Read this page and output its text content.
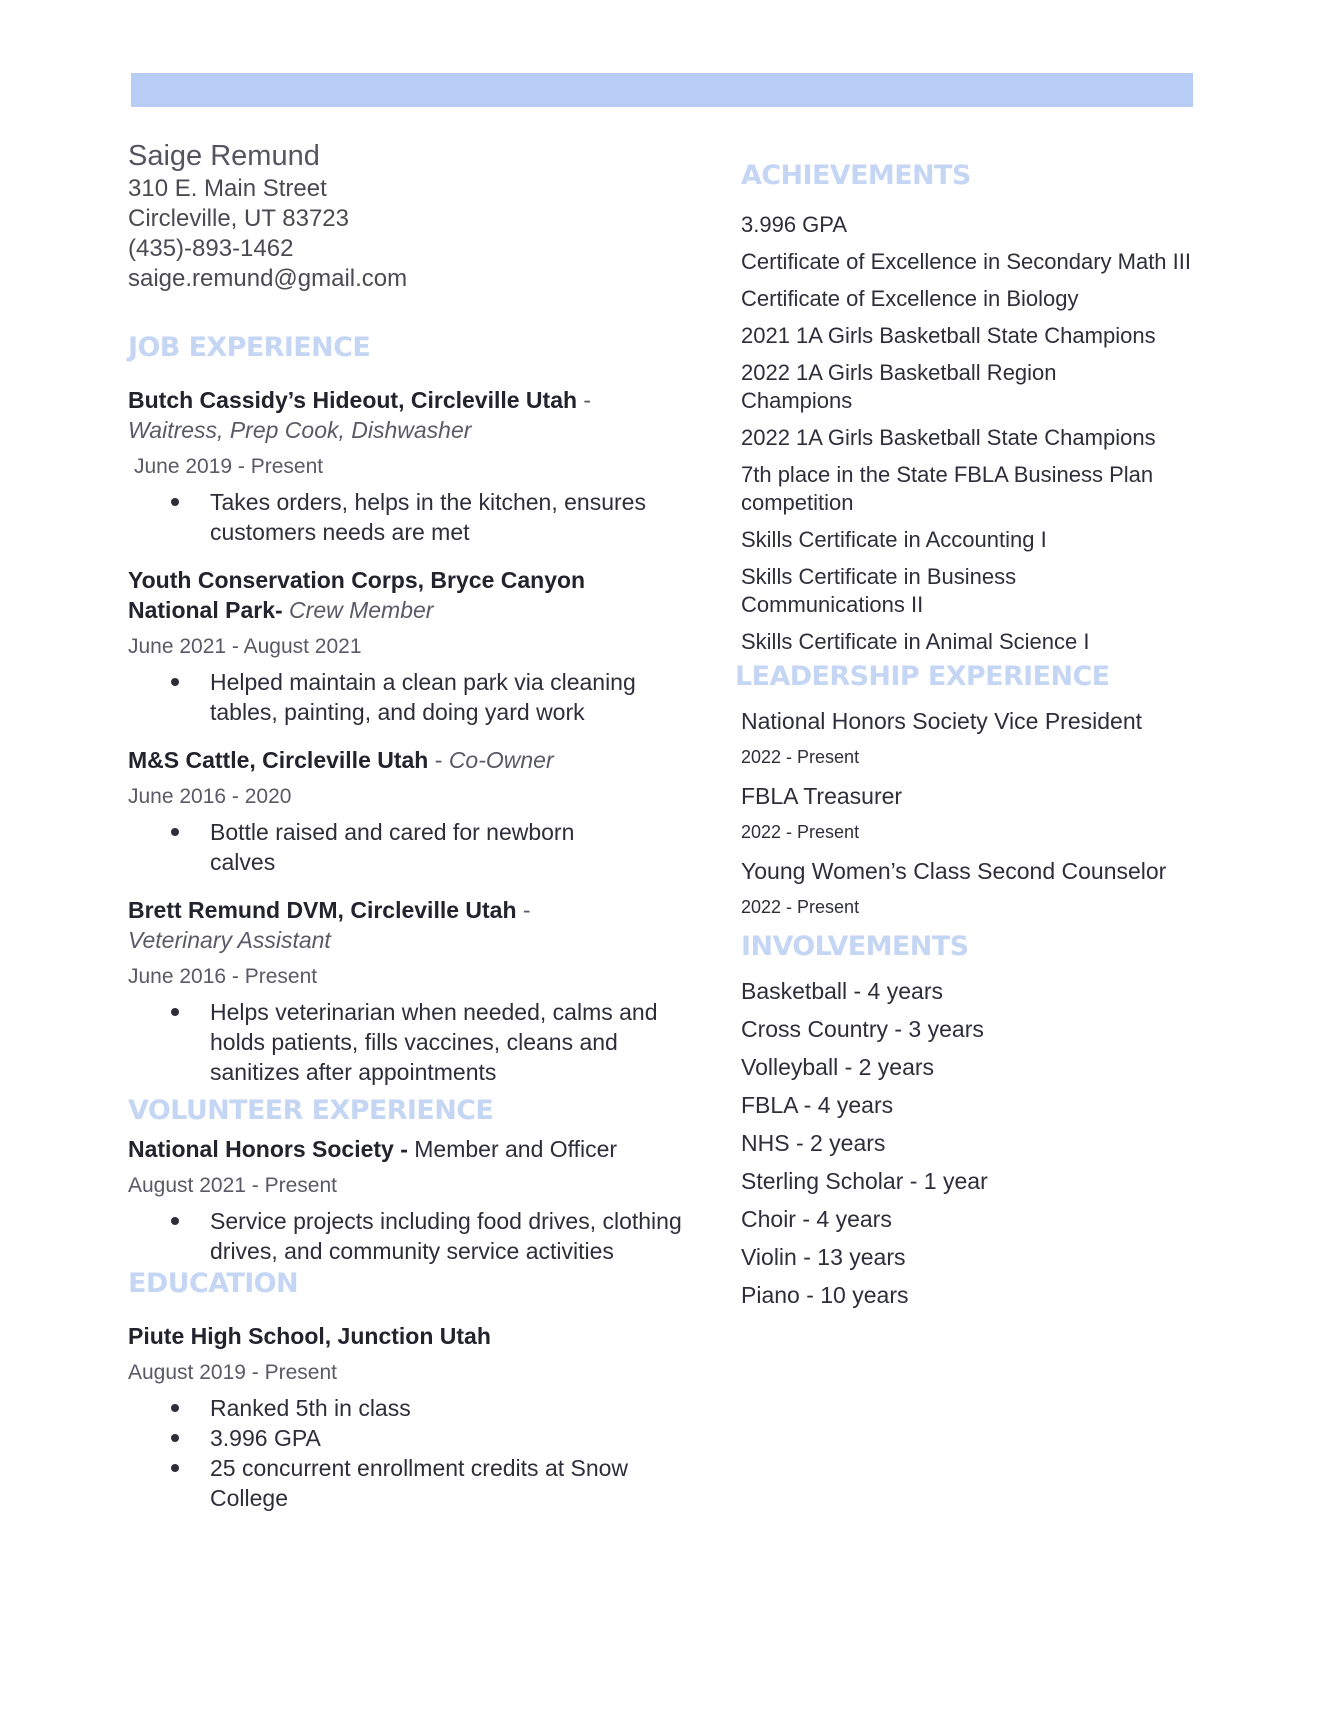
Saige Remund
310 E. Main Street
Circleville, UT 83723
(435)-893-1462
saige.remund@gmail.com
JOB EXPERIENCE
Butch Cassidy’s Hideout, Circleville Utah -
Waitress, Prep Cook, Dishwasher
June 2019 - Present
Takes orders, helps in the kitchen, ensures customers needs are met
Youth Conservation Corps, Bryce Canyon National Park- Crew Member
June 2021 - August 2021
Helped maintain a clean park via cleaning tables, painting, and doing yard work
M&S Cattle, Circleville Utah - Co-Owner
June 2016 - 2020
Bottle raised and cared for newborn calves
Brett Remund DVM, Circleville Utah -
Veterinary Assistant
June 2016 - Present
Helps veterinarian when needed, calms and holds patients, fills vaccines, cleans and sanitizes after appointments
VOLUNTEER EXPERIENCE
National Honors Society - Member and Officer
August 2021 - Present
Service projects including food drives, clothing drives, and community service activities
EDUCATION
Piute High School, Junction Utah
August 2019 - Present
Ranked 5th in class
3.996 GPA
25 concurrent enrollment credits at Snow College
ACHIEVEMENTS
3.996 GPA
Certificate of Excellence in Secondary Math III
Certificate of Excellence in Biology
2021 1A Girls Basketball State Champions
2022 1A Girls Basketball Region Champions
2022 1A Girls Basketball State Champions
7th place in the State FBLA Business Plan competition
Skills Certificate in Accounting I
Skills Certificate in Business Communications II
Skills Certificate in Animal Science I
LEADERSHIP EXPERIENCE
National Honors Society Vice President
2022 - Present
FBLA Treasurer
2022 - Present
Young Women’s Class Second Counselor
2022 - Present
INVOLVEMENTS
Basketball - 4 years
Cross Country - 3 years
Volleyball - 2 years
FBLA - 4 years
NHS - 2 years
Sterling Scholar - 1 year
Choir - 4 years
Violin - 13 years
Piano - 10 years
